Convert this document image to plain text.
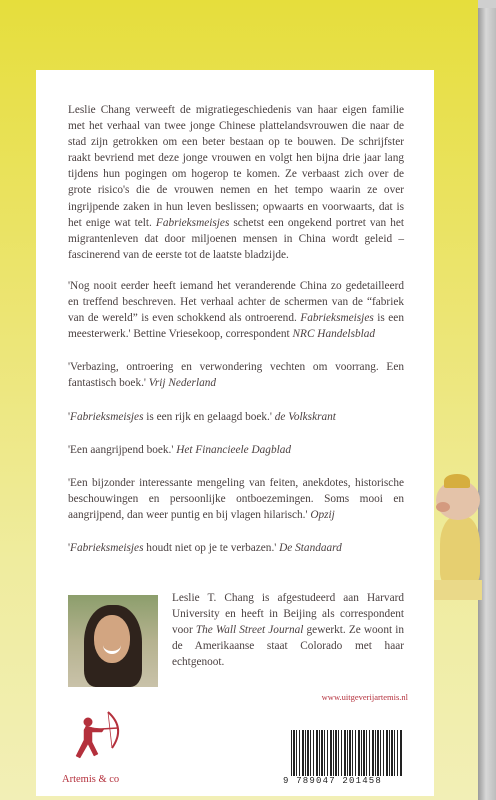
Leslie Chang verweeft de migratiegeschiedenis van haar eigen familie met het verhaal van twee jonge Chinese plattelandsvrouwen die naar de stad zijn getrokken om een beter bestaan op te bouwen. De schrijfster raakt bevriend met deze jonge vrouwen en volgt hen bijna drie jaar lang tijdens hun pogingen om hogerop te komen. Ze verbaast zich over de grote risico's die de vrouwen nemen en het tempo waarin ze over ingrijpende zaken in hun leven beslissen; opwaarts en voorwaarts, dat is het enige wat telt. Fabrieksmeisjes schetst een ongekend portret van het migrantenleven dat door miljoenen mensen in China wordt geleid – fascinerend van de eerste tot de laatste bladzijde.

'Nog nooit eerder heeft iemand het veranderende China zo gedetailleerd en treffend beschreven. Het verhaal achter de schermen van de “fabriek van de wereld” is even schokkend als ontroerend. Fabrieksmeisjes is een meesterwerk.' Bettine Vriesekoop, correspondent NRC Handelsblad

'Verbazing, ontroering en verwondering vechten om voorrang. Een fantastisch boek.' Vrij Nederland

'Fabrieksmeisjes is een rijk en gelaagd boek.' de Volkskrant

'Een aangrijpend boek.' Het Financieele Dagblad

'Een bijzonder interessante mengeling van feiten, anekdotes, historische beschouwingen en persoonlijke ontboezemingen. Soms mooi en aangrijpend, dan weer puntig en bij vlagen hilarisch.' Opzij

'Fabrieksmeisjes houdt niet op je te verbazen.' De Standaard

Leslie T. Chang is afgestudeerd aan Harvard University en heeft in Beijing als correspondent voor The Wall Street Journal gewerkt. Ze woont in de Amerikaanse staat Colorado met haar echtgenoot.
www.uitgeverijartemis.nl
Artemis & co	9 789047 201458
